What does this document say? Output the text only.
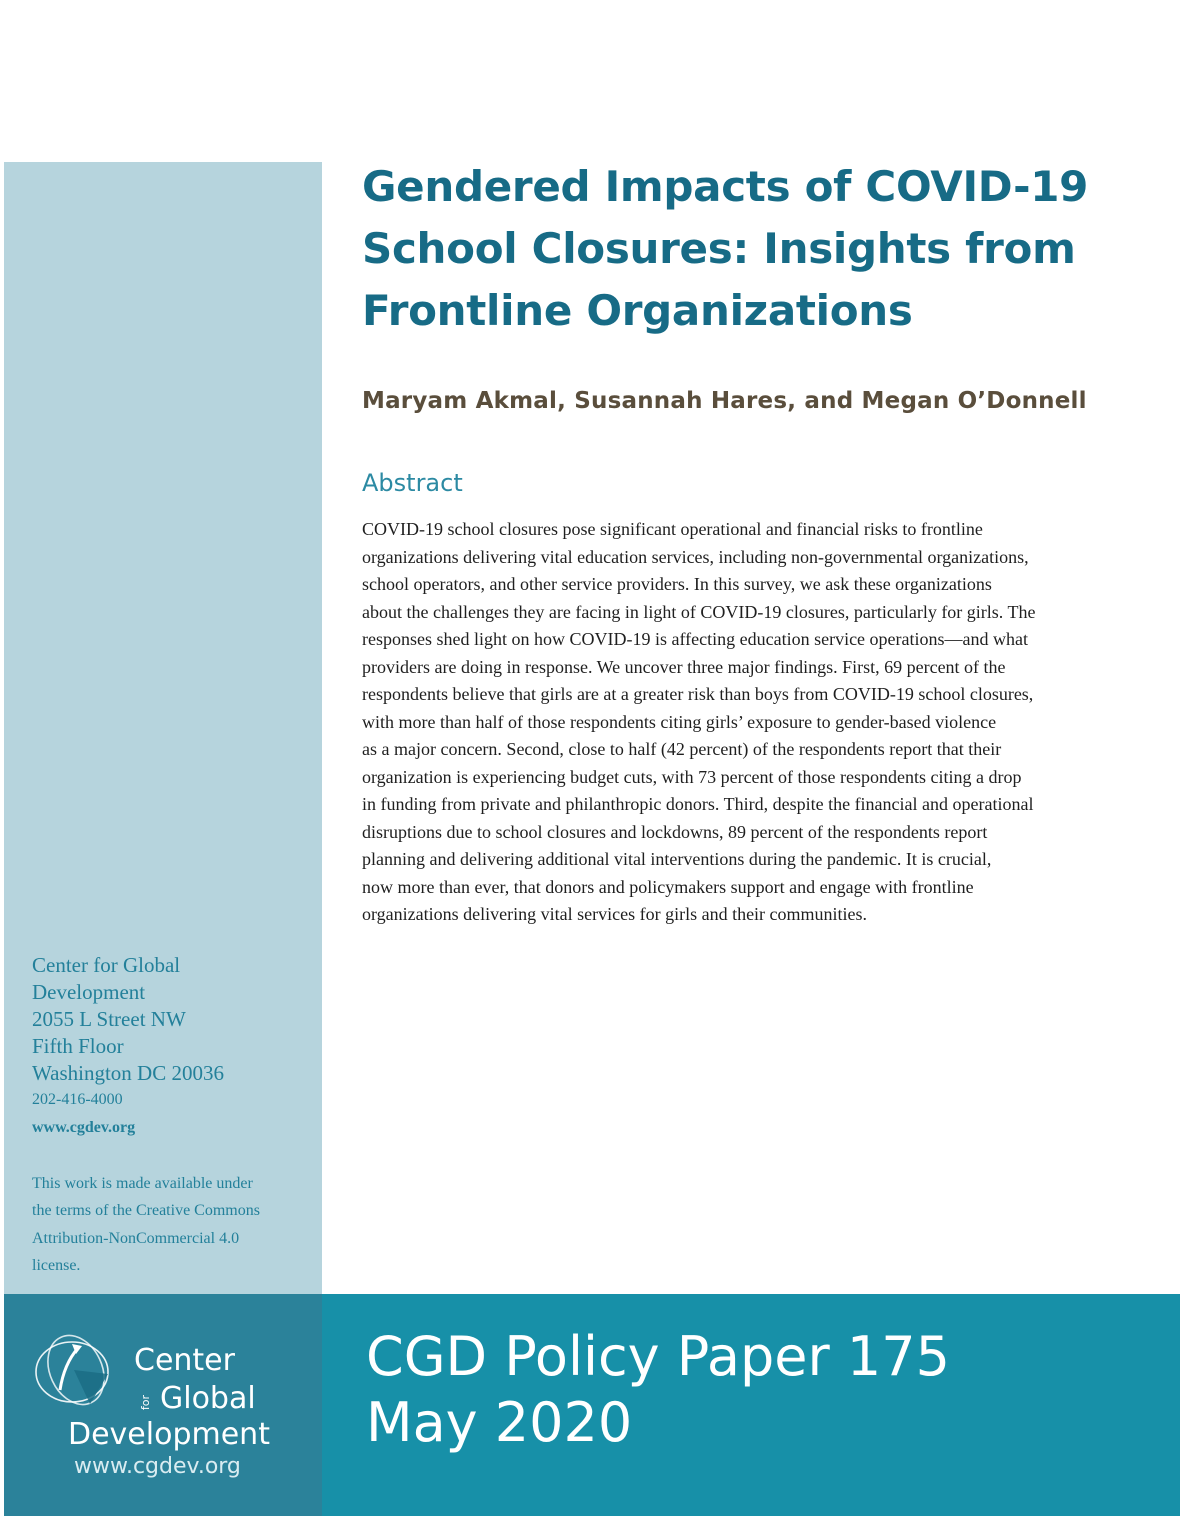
Center for Global

Development

2055 L Street NW

Fifth Floor

Washington DC 20036

202-416-4000

www.cgdev.org

This work is made available under
the terms of the Creative Commons
Attribution-NonCommercial 4.0
license.
Gendered Impacts of COVID-19
School Closures: Insights from
Frontline Organizations

Maryam Akmal, Susannah Hares, and Megan O’Donnell

Abstract

COVID-19 school closures pose significant operational and financial risks to frontline
organizations delivering vital education services, including non-governmental organizations,
school operators, and other service providers. In this survey, we ask these organizations
about the challenges they are facing in light of COVID-19 closures, particularly for girls. The
responses shed light on how COVID-19 is affecting education service operations—and what
providers are doing in response. We uncover three major findings. First, 69 percent of the
respondents believe that girls are at a greater risk than boys from COVID-19 school closures,
with more than half of those respondents citing girls’ exposure to gender-based violence
as a major concern. Second, close to half (42 percent) of the respondents report that their
organization is experiencing budget cuts, with 73 percent of those respondents citing a drop
in funding from private and philanthropic donors. Third, despite the financial and operational
disruptions due to school closures and lockdowns, 89 percent of the respondents report
planning and delivering additional vital interventions during the pandemic. It is crucial,
now more than ever, that donors and policymakers support and engage with frontline
organizations delivering vital services for girls and their communities.

Center
for Global
Development
www.cgdev.org
CGD Policy Paper 175
May 2020
